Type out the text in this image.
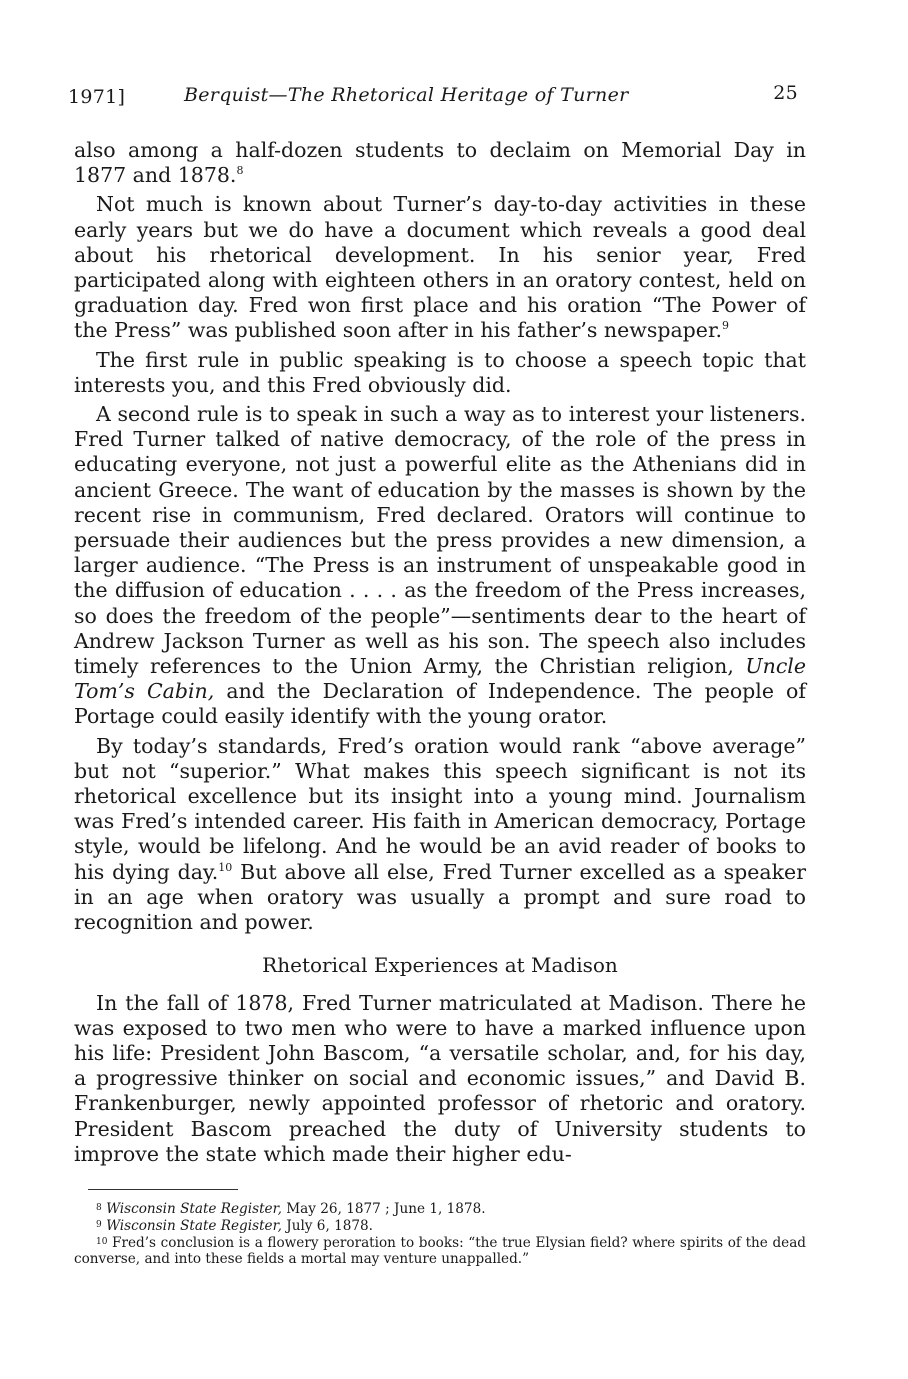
1971]	Berquist—The Rhetorical Heritage of Turner	25

also among a half-dozen students to declaim on Memorial Day in 1877 and 1878.$^8$

Not much is known about Turner’s day-to-day activities in these early years but we do have a document which reveals a good deal about his rhetorical development. In his senior year, Fred participated along with eighteen others in an oratory contest, held on graduation day. Fred won first place and his oration “The Power of the Press” was published soon after in his father’s newspaper.$^9$

The first rule in public speaking is to choose a speech topic that interests you, and this Fred obviously did.

A second rule is to speak in such a way as to interest your listeners. Fred Turner talked of native democracy, of the role of the press in educating everyone, not just a powerful elite as the Athenians did in ancient Greece. The want of education by the masses is shown by the recent rise in communism, Fred declared. Orators will continue to persuade their audiences but the press provides a new dimension, a larger audience. “The Press is an instrument of unspeakable good in the diffusion of education . . . . as the freedom of the Press increases, so does the freedom of the people”—sentiments dear to the heart of Andrew Jackson Turner as well as his son. The speech also includes timely references to the Union Army, the Christian religion, Uncle Tom’s Cabin, and the Declaration of Independence. The people of Portage could easily identify with the young orator.

By today’s standards, Fred’s oration would rank “above average” but not “superior.” What makes this speech significant is not its rhetorical excellence but its insight into a young mind. Journalism was Fred’s intended career. His faith in American democracy, Portage style, would be lifelong. And he would be an avid reader of books to his dying day.$^{10}$ But above all else, Fred Turner excelled as a speaker in an age when oratory was usually a prompt and sure road to recognition and power.

Rhetorical Experiences at Madison

In the fall of 1878, Fred Turner matriculated at Madison. There he was exposed to two men who were to have a marked influence upon his life: President John Bascom, “a versatile scholar, and, for his day, a progressive thinker on social and economic issues,” and David B. Frankenburger, newly appointed professor of rhetoric and oratory. President Bascom preached the duty of University students to improve the state which made their higher edu-

$^8$ Wisconsin State Register, May 26, 1877 ; June 1, 1878.

$^9$ Wisconsin State Register, July 6, 1878.

$^{10}$ Fred’s conclusion is a flowery peroration to books: “the true Elysian field? where spirits of the dead converse, and into these fields a mortal may venture unappalled.”
